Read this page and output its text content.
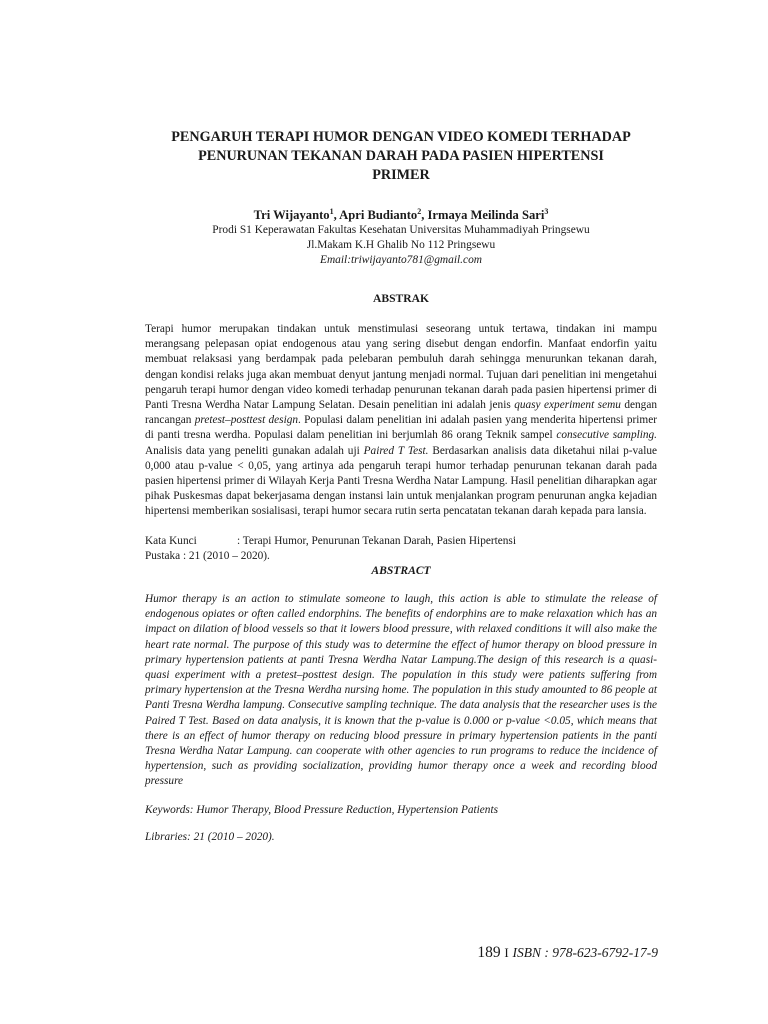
PENGARUH TERAPI HUMOR DENGAN VIDEO KOMEDI TERHADAP
PENURUNAN TEKANAN DARAH PADA PASIEN HIPERTENSI
PRIMER
Tri Wijayanto$^1$, Apri Budianto$^2$, Irmaya Meilinda Sari$^3$
Prodi S1 Keperawatan Fakultas Kesehatan Universitas Muhammadiyah Pringsewu
Jl.Makam K.H Ghalib No 112 Pringsewu
Email:triwijayanto781@gmail.com
ABSTRAK

Terapi humor merupakan tindakan untuk menstimulasi seseorang untuk tertawa, tindakan ini mampu merangsang pelepasan opiat endogenous atau yang sering disebut dengan endorfin. Manfaat endorfin yaitu membuat relaksasi yang berdampak pada pelebaran pembuluh darah sehingga menurunkan tekanan darah, dengan kondisi relaks juga akan membuat denyut jantung menjadi normal. Tujuan dari penelitian ini mengetahui pengaruh terapi humor dengan video komedi terhadap penurunan tekanan darah pada pasien hipertensi primer di Panti Tresna Werdha Natar Lampung Selatan. Desain penelitian ini adalah jenis quasy experiment semu dengan rancangan pretest–posttest design. Populasi dalam penelitian ini adalah pasien yang menderita hipertensi primer di panti tresna werdha. Populasi dalam penelitian ini berjumlah 86 orang Teknik sampel consecutive sampling. Analisis data yang peneliti gunakan adalah uji Paired T Test. Berdasarkan analisis data diketahui nilai p-value 0,000 atau p-value < 0,05, yang artinya ada pengaruh terapi humor terhadap penurunan tekanan darah pada pasien hipertensi primer di Wilayah Kerja Panti Tresna Werdha Natar Lampung. Hasil penelitian diharapkan agar pihak Puskesmas dapat bekerjasama dengan instansi lain untuk menjalankan program penurunan angka kejadian hipertensi memberikan sosialisasi, terapi humor secara rutin serta pencatatan tekanan darah kepada para lansia.

Kata Kunci	: Terapi Humor, Penurunan Tekanan Darah, Pasien Hipertensi
Pustaka : 21 (2010 – 2020).
ABSTRACT

Humor therapy is an action to stimulate someone to laugh, this action is able to stimulate the release of endogenous opiates or often called endorphins. The benefits of endorphins are to make relaxation which has an impact on dilation of blood vessels so that it lowers blood pressure, with relaxed conditions it will also make the heart rate normal. The purpose of this study was to determine the effect of humor therapy on blood pressure in primary hypertension patients at panti Tresna Werdha Natar Lampung.The design of this research is a quasi-quasi experiment with a pretest–posttest design. The population in this study were patients suffering from primary hypertension at the Tresna Werdha nursing home. The population in this study amounted to 86 people at Panti Tresna Werdha lampung. Consecutive sampling technique. The data analysis that the researcher uses is the Paired T Test. Based on data analysis, it is known that the p-value is 0.000 or p-value <0.05, which means that there is an effect of humor therapy on reducing blood pressure in primary hypertension patients in the panti Tresna Werdha Natar Lampung. can cooperate with other agencies to run programs to reduce the incidence of hypertension, such as providing socialization, providing humor therapy once a week and recording blood pressure

Keywords: Humor Therapy, Blood Pressure Reduction, Hypertension Patients
Libraries: 21 (2010 – 2020).
189 I ISBN : 978-623-6792-17-9
